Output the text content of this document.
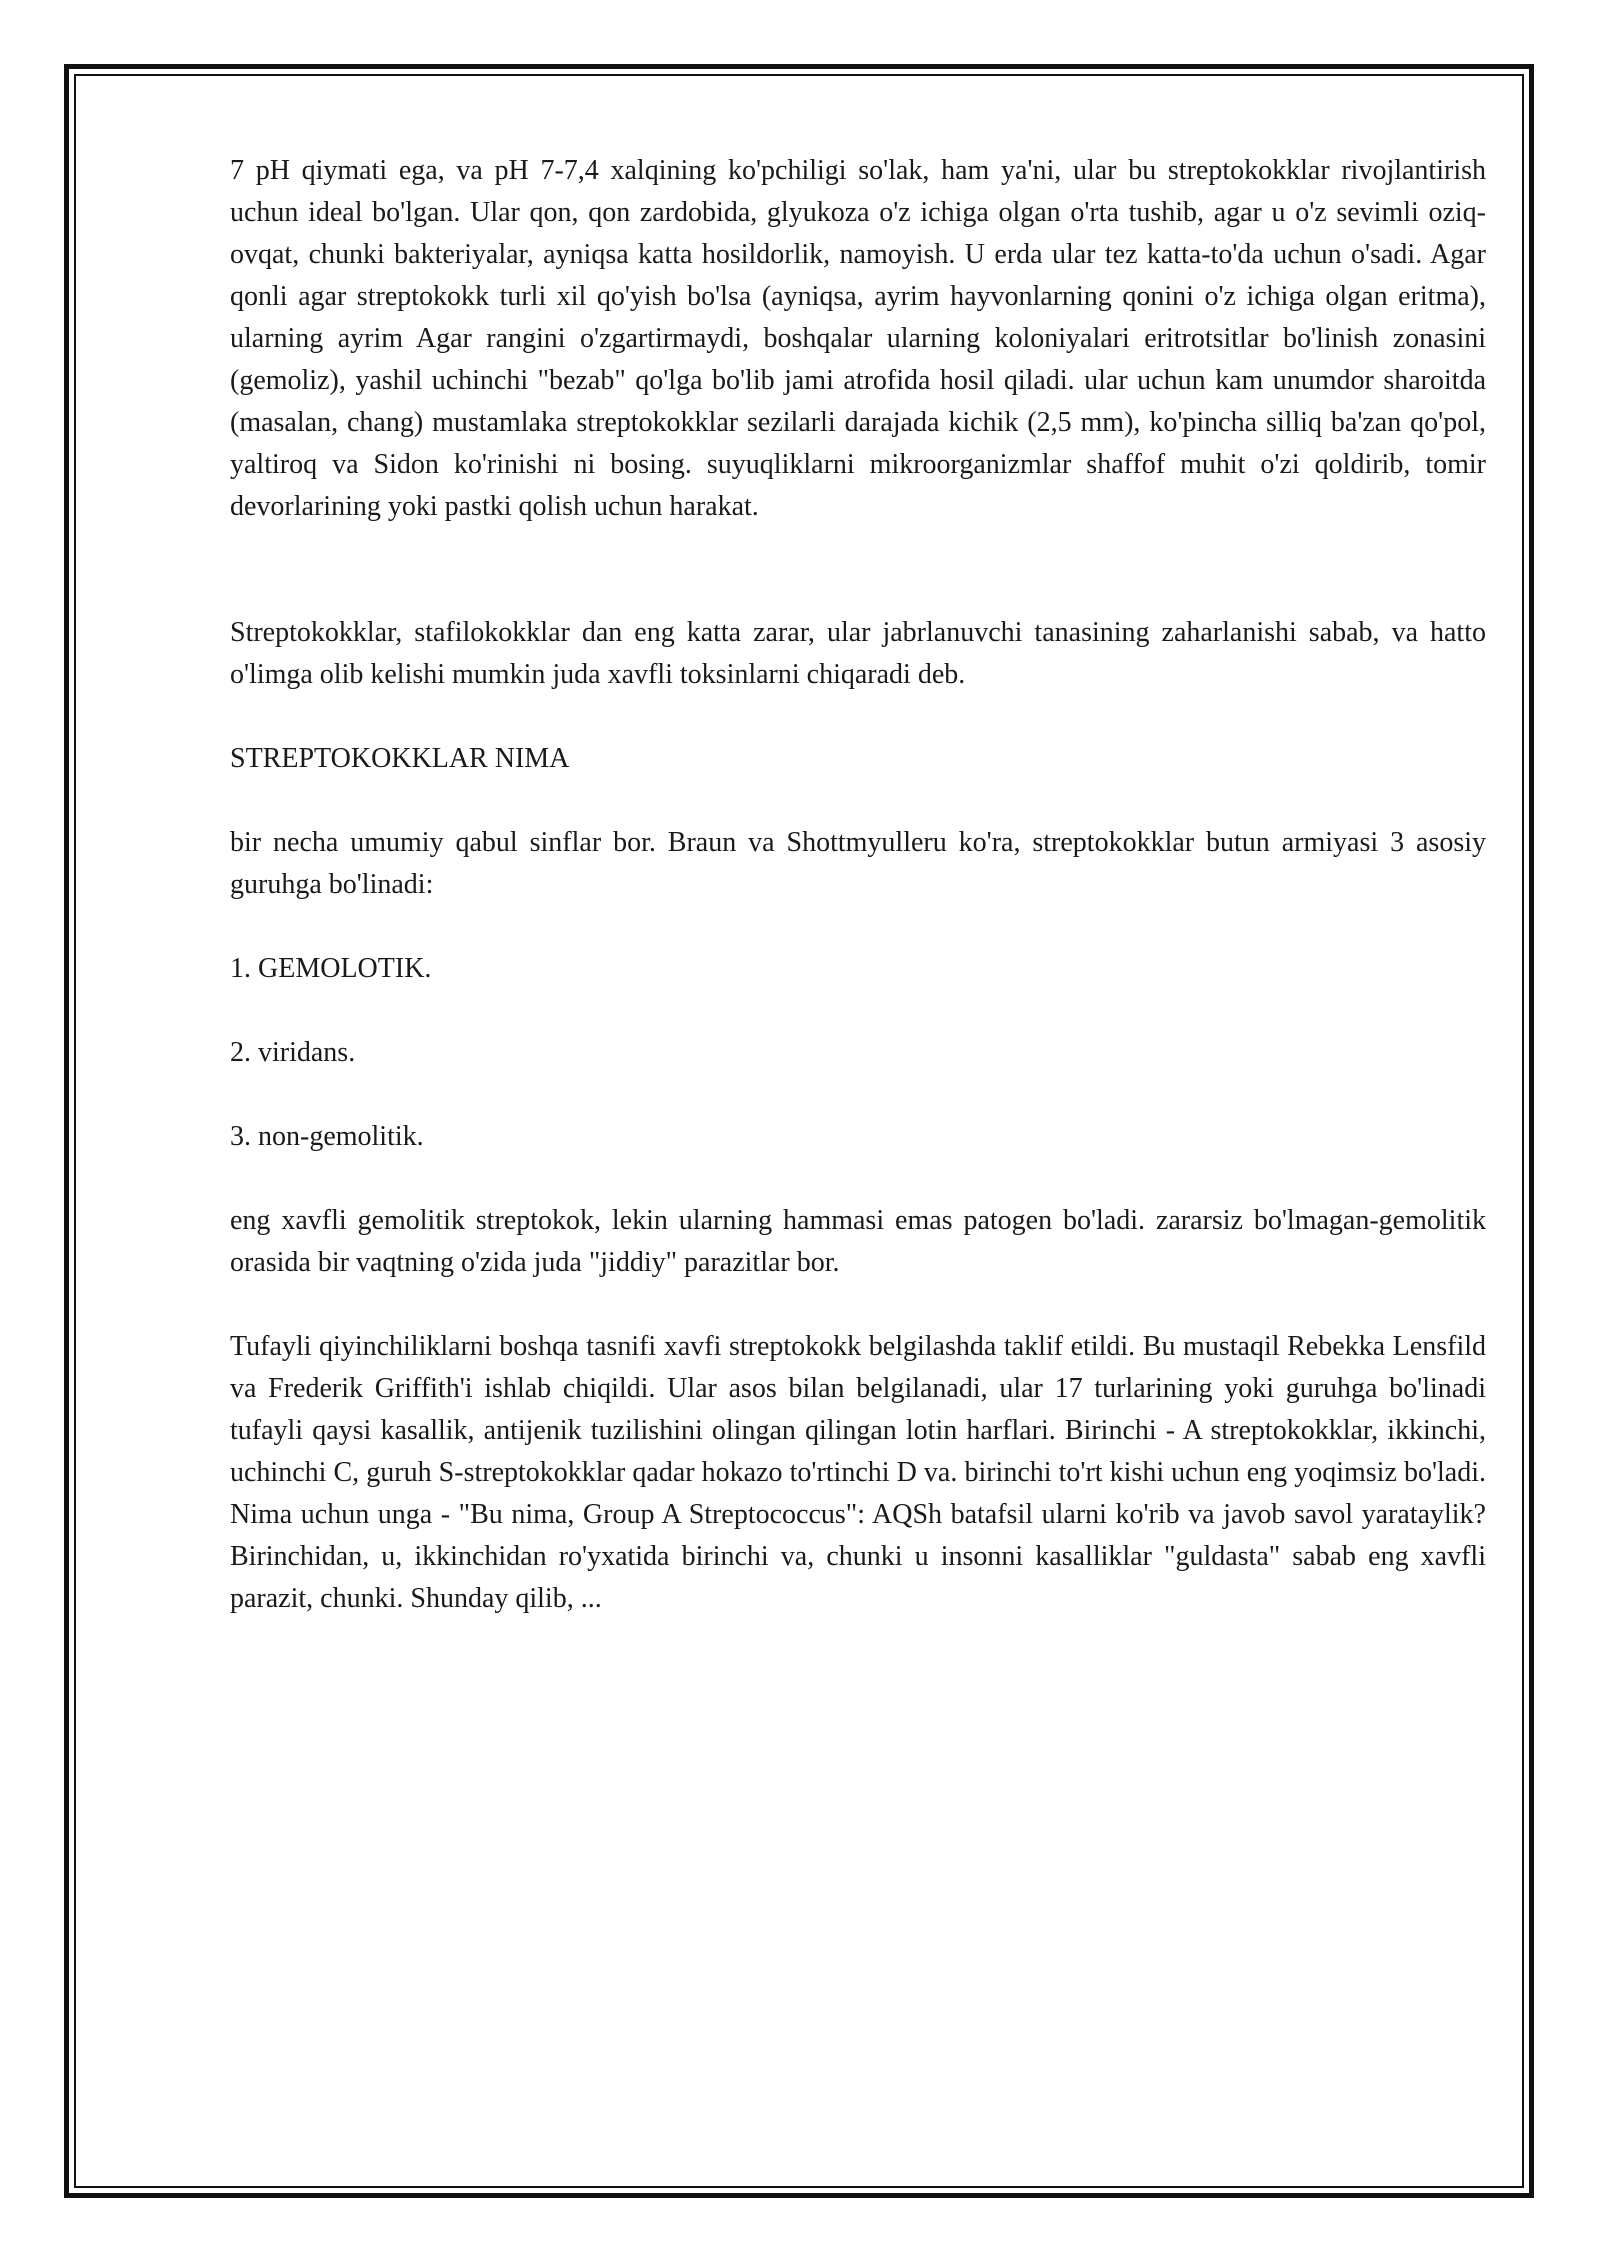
7 pH qiymati ega, va pH 7-7,4 xalqining ko'pchiligi so'lak, ham ya'ni, ular bu streptokokklar rivojlantirish uchun ideal bo'lgan. Ular qon, qon zardobida, glyukoza o'z ichiga olgan o'rta tushib, agar u o'z sevimli oziq-ovqat, chunki bakteriyalar, ayniqsa katta hosildorlik, namoyish. U erda ular tez katta-to'da uchun o'sadi. Agar qonli agar streptokokk turli xil qo'yish bo'lsa (ayniqsa, ayrim hayvonlarning qonini o'z ichiga olgan eritma), ularning ayrim Agar rangini o'zgartirmaydi, boshqalar ularning koloniyalari eritrotsitlar bo'linish zonasini (gemoliz), yashil uchinchi "bezab" qo'lga bo'lib jami atrofida hosil qiladi. ular uchun kam unumdor sharoitda (masalan, chang) mustamlaka streptokokklar sezilarli darajada kichik (2,5 mm), ko'pincha silliq ba'zan qo'pol, yaltiroq va Sidon ko'rinishi ni bosing. suyuqliklarni mikroorganizmlar shaffof muhit o'zi qoldirib, tomir devorlarining yoki pastki qolish uchun harakat.

Streptokokklar, stafilokokklar dan eng katta zarar, ular jabrlanuvchi tanasining zaharlanishi sabab, va hatto o'limga olib kelishi mumkin juda xavfli toksinlarni chiqaradi deb.

STREPTOKOKKLAR NIMA

bir necha umumiy qabul sinflar bor. Braun va Shottmyulleru ko'ra, streptokokklar butun armiyasi 3 asosiy guruhga bo'linadi:

1. GEMOLOTIK.

2. viridans.

3. non-gemolitik.

eng xavfli gemolitik streptokok, lekin ularning hammasi emas patogen bo'ladi. zararsiz bo'lmagan-gemolitik orasida bir vaqtning o'zida juda "jiddiy" parazitlar bor.

Tufayli qiyinchiliklarni boshqa tasnifi xavfi streptokokk belgilashda taklif etildi. Bu mustaqil Rebekka Lensfild va Frederik Griffith'i ishlab chiqildi. Ular asos bilan belgilanadi, ular 17 turlarining yoki guruhga bo'linadi tufayli qaysi kasallik, antijenik tuzilishini olingan qilingan lotin harflari. Birinchi - A streptokokklar, ikkinchi, uchinchi C, guruh S-streptokokklar qadar hokazo to'rtinchi D va. birinchi to'rt kishi uchun eng yoqimsiz bo'ladi. Nima uchun unga - "Bu nima, Group A Streptococcus": AQSh batafsil ularni ko'rib va javob savol yarataylik? Birinchidan, u, ikkinchidan ro'yxatida birinchi va, chunki u insonni kasalliklar "guldasta" sabab eng xavfli parazit, chunki. Shunday qilib, ...
